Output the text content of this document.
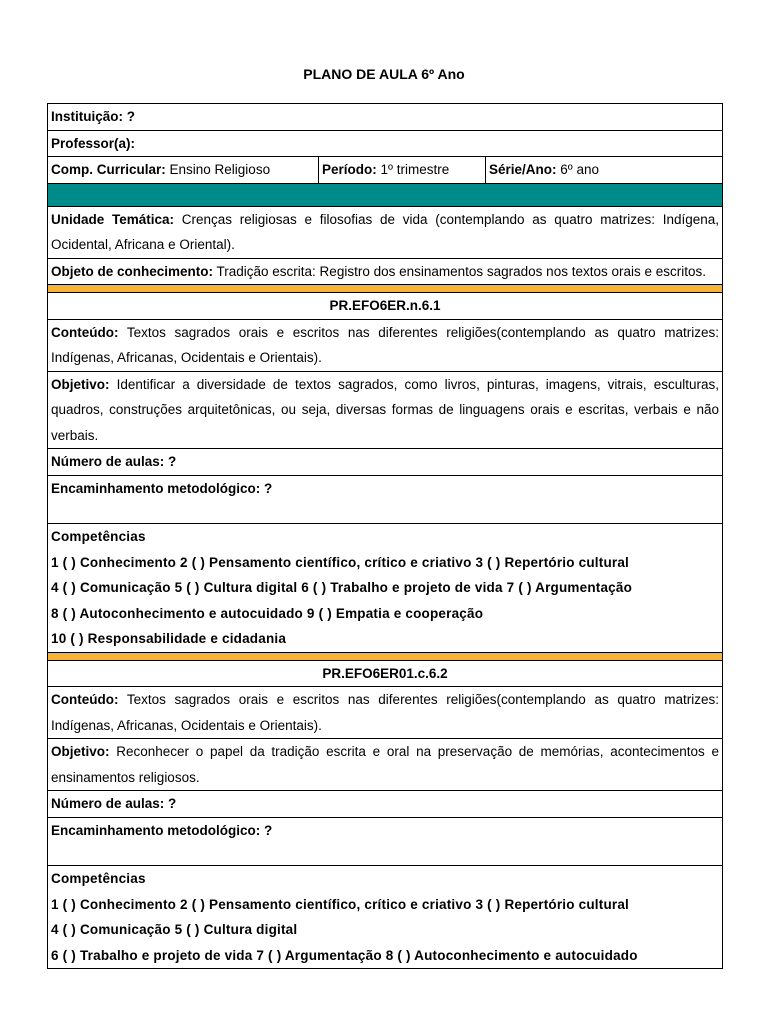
PLANO DE AULA 6º Ano
Instituição: ?
Professor(a):
Comp. Curricular: Ensino Religioso	Período: 1º trimestre	Série/Ano: 6º ano

Unidade Temática: Crenças religiosas e filosofias de vida (contemplando as quatro matrizes: Indígena, Ocidental, Africana e Oriental).
Objeto de conhecimento: Tradição escrita: Registro dos ensinamentos sagrados nos textos orais e escritos.

PR.EFO6ER.n.6.1
Conteúdo: Textos sagrados orais e escritos nas diferentes religiões(contemplando as quatro matrizes: Indígenas, Africanas, Ocidentais e Orientais).
Objetivo: Identificar a diversidade de textos sagrados, como livros, pinturas, imagens, vitrais, esculturas, quadros, construções arquitetônicas, ou seja, diversas formas de linguagens orais e escritas, verbais e não verbais.
Número de aulas: ?
Encaminhamento metodológico: ?

Competências
1 ( ) Conhecimento 2 ( ) Pensamento científico, crítico e criativo 3 ( ) Repertório cultural
4 ( ) Comunicação 5 ( ) Cultura digital 6 ( ) Trabalho e projeto de vida 7 ( ) Argumentação
8 ( ) Autoconhecimento e autocuidado 9 ( ) Empatia e cooperação
10 ( ) Responsabilidade e cidadania

PR.EFO6ER01.c.6.2
Conteúdo: Textos sagrados orais e escritos nas diferentes religiões(contemplando as quatro matrizes: Indígenas, Africanas, Ocidentais e Orientais).
Objetivo: Reconhecer o papel da tradição escrita e oral na preservação de memórias, acontecimentos e ensinamentos religiosos.
Número de aulas: ?
Encaminhamento metodológico: ?

Competências
1 ( ) Conhecimento 2 ( ) Pensamento científico, crítico e criativo 3 ( ) Repertório cultural
4 ( ) Comunicação 5 ( ) Cultura digital
6 ( ) Trabalho e projeto de vida 7 ( ) Argumentação 8 ( ) Autoconhecimento e autocuidado
